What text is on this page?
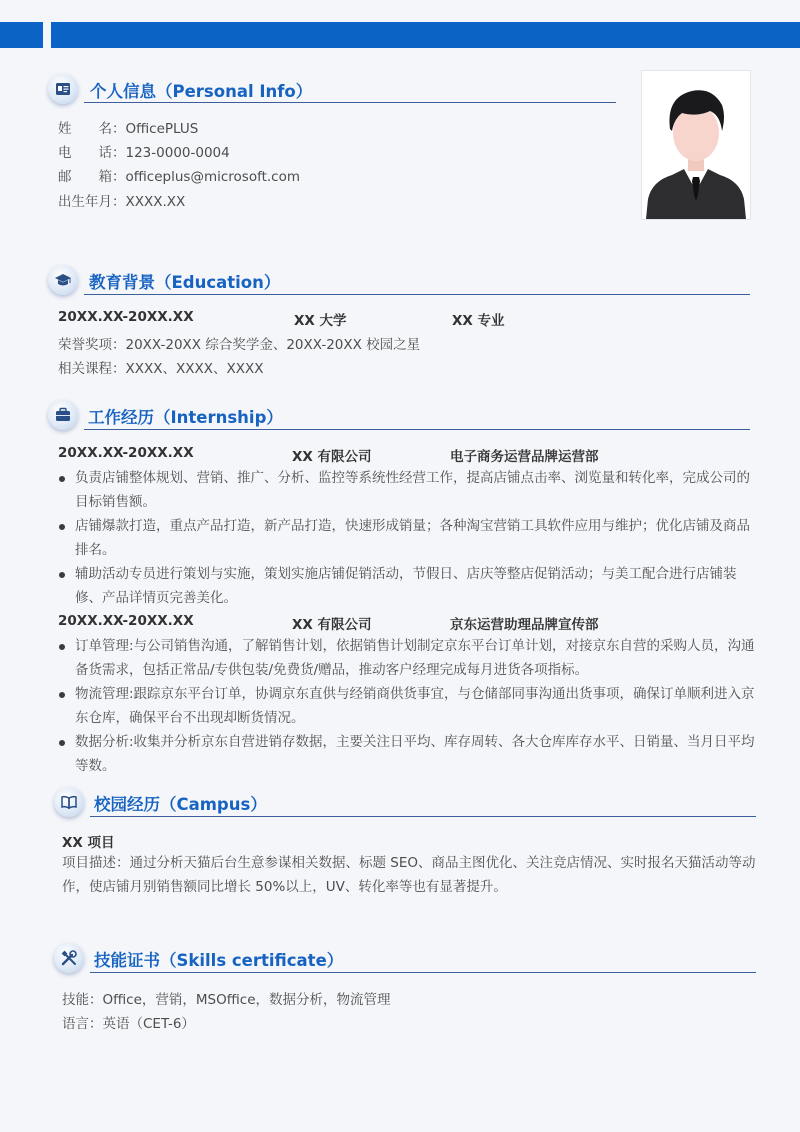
个人信息（Personal Info）
姓　　名：OfficePLUS
电　　话：123-0000-0004
邮　　箱：officeplus@microsoft.com
出生年月：XXXX.XX
教育背景（Education）
20XX.XX-20XX.XX	XX 大学	XX 专业
荣誉奖项：20XX-20XX 综合奖学金、20XX-20XX 校园之星
相关课程：XXXX、XXXX、XXXX
工作经历（Internship）
20XX.XX-20XX.XX	XX 有限公司	电子商务运营品牌运营部
负责店铺整体规划、营销、推广、分析、监控等系统性经营工作，提高店铺点击率、浏览量和转化率，完成公司的目标销售额。
店铺爆款打造，重点产品打造，新产品打造，快速形成销量；各种淘宝营销工具软件应用与维护；优化店铺及商品排名。
辅助活动专员进行策划与实施，策划实施店铺促销活动，节假日、店庆等整店促销活动；与美工配合进行店铺装修、产品详情页完善美化。
20XX.XX-20XX.XX	XX 有限公司	京东运营助理品牌宣传部
订单管理:与公司销售沟通，了解销售计划，依据销售计划制定京东平台订单计划，对接京东自营的采购人员，沟通备货需求，包括正常品/专供包装/免费货/赠品，推动客户经理完成每月进货各项指标。
物流管理:跟踪京东平台订单，协调京东直供与经销商供货事宜，与仓储部同事沟通出货事项，确保订单顺利进入京东仓库，确保平台不出现却断货情况。
数据分析:收集并分析京东自营进销存数据，主要关注日平均、库存周转、各大仓库库存水平、日销量、当月日平均等数。
校园经历（Campus）
XX 项目
项目描述：通过分析天猫后台生意参谋相关数据、标题 SEO、商品主图优化、关注竞店情况、实时报名天猫活动等动作，使店铺月别销售额同比增长 50%以上，UV、转化率等也有显著提升。
技能证书（Skills certificate）
技能：Office，营销，MSOffice，数据分析，物流管理
语言：英语（CET-6）
